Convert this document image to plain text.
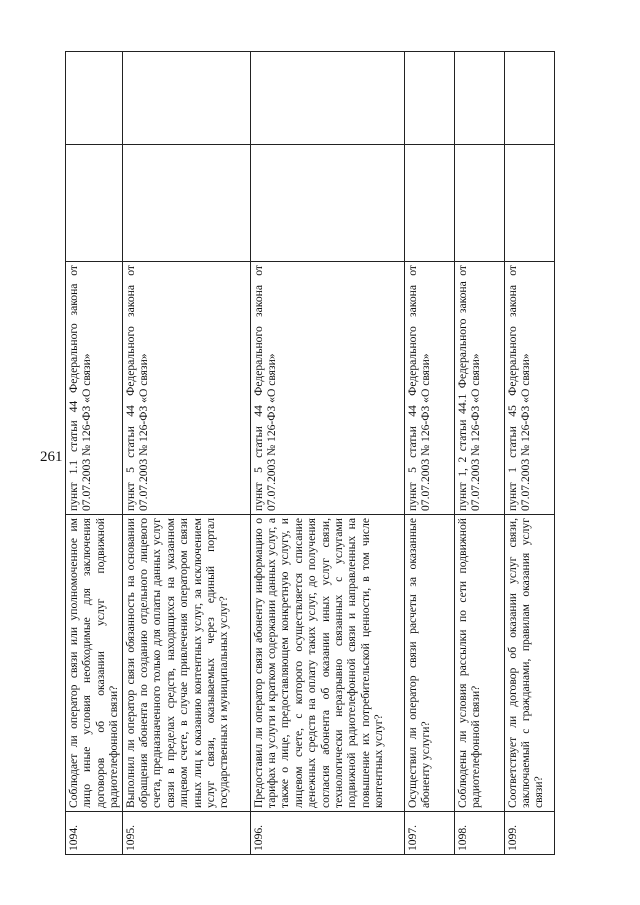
261
1094.	Соблюдает ли оператор связи или уполномоченное им лицо иные условия необходимые для заключения договоров об оказании услуг подвижной радиотелефонной связи?	пункт 1.1 статьи 44 Федерального закона от 07.07.2003 № 126-ФЗ «О связи»		
1095.	Выполнил ли оператор связи обязанность на основании обращения абонента по созданию отдельного лицевого счета, предназначенного только для оплаты данных услуг связи в пределах средств, находящихся на указанном лицевом счете, в случае привлечения оператором связи иных лиц к оказанию контентных услуг, за исключением услуг связи, оказываемых через единый портал государственных и муниципальных услуг?	пункт 5 статьи 44 Федерального закона от 07.07.2003 № 126-ФЗ «О связи»		
1096.	Предоставил ли оператор связи абоненту информацию о тарифах на услуги и кратком содержании данных услуг, а также о лице, предоставляющем конкретную услугу, и лицевом счете, с которого осуществляется списание денежных средств на оплату таких услуг, до получения согласия абонента об оказании иных услуг связи, технологически неразрывно связанных с услугами подвижной радиотелефонной связи и направленных на повышение их потребительской ценности, в том числе контентных услуг?	пункт 5 статьи 44 Федерального закона от 07.07.2003 № 126-ФЗ «О связи»		
1097.	Осуществил ли оператор связи расчеты за оказанные абоненту услуги?	пункт 5 статьи 44 Федерального закона от 07.07.2003 № 126-ФЗ «О связи»		
1098.	Соблюдены ли условия рассылки по сети подвижной радиотелефонной связи?	пункт 1, 2 статьи 44.1 Федерального закона от 07.07.2003 № 126-ФЗ «О связи»		
1099.	Соответствует ли договор об оказании услуг связи, заключаемый с гражданами, правилам оказания услуг связи?	пункт 1 статьи 45 Федерального закона от 07.07.2003 № 126-ФЗ «О связи»		
